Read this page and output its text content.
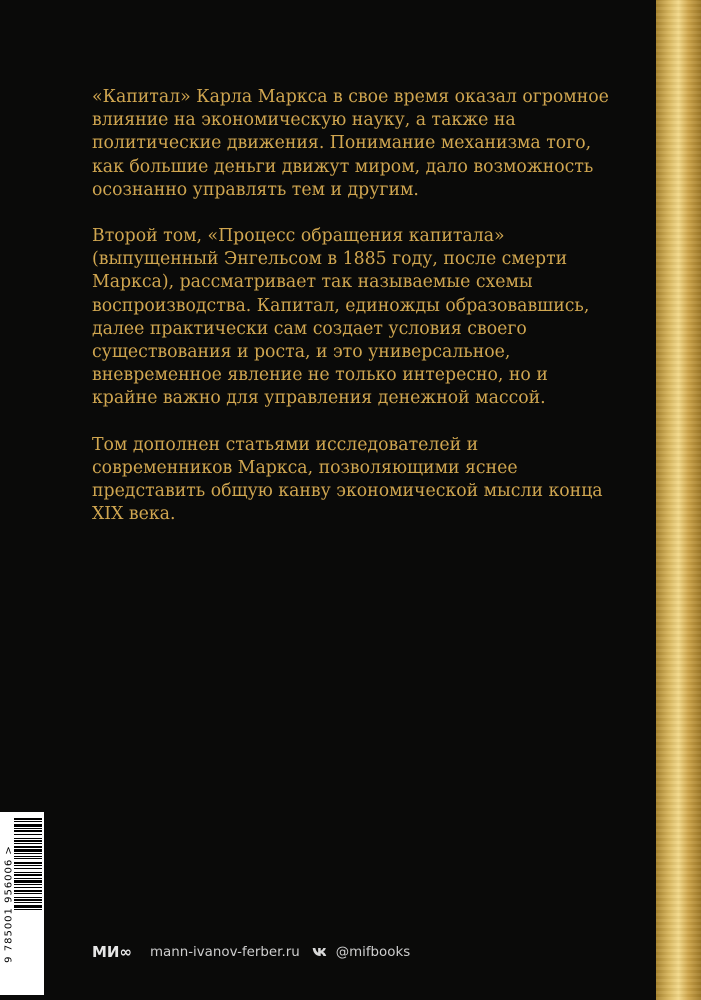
«Капитал» Карла Маркса в свое время оказал огромное влияние на экономическую науку, а также на политические движения. Понимание механизма того, как большие деньги движут миром, дало возможность осознанно управлять тем и другим.

Второй том, «Процесс обращения капитала» (выпущенный Энгельсом в 1885 году, после смерти Маркса), рассматривает так называемые схемы воспроизводства. Капитал, единожды образовавшись, далее практически сам создает условия своего существования и роста, и это универсальное, вневременное явление не только интересно, но и крайне важно для управления денежной массой.

Том дополнен статьями исследователей и современников Маркса, позволяющими яснее представить общую канву экономической мысли конца XIX века.

9 785001 956006 >	МИ∞ mann-ivanov-ferber.ru	@mifbooks
